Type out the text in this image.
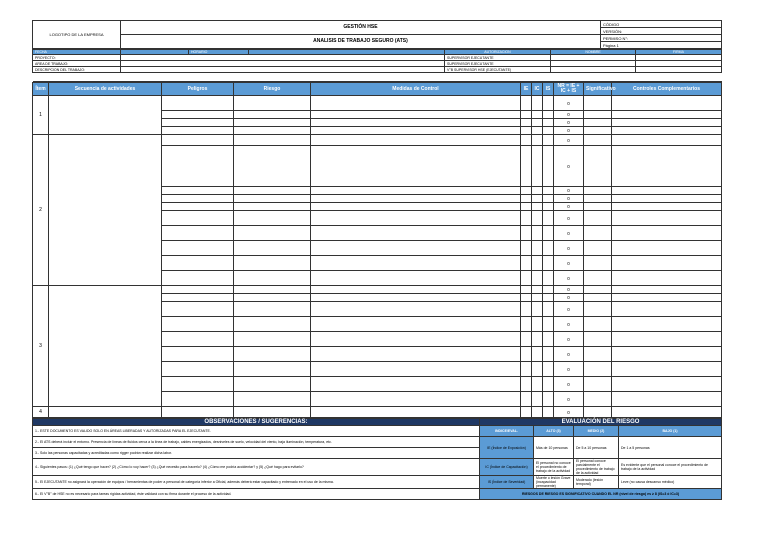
LOGOTIPO DE LA EMPRESA	GESTIÓN HSE	CÓDIGO
		VERSIÓN:
	ANALISIS DE TRABAJO SEGURO (ATS)	PERMISO N°:
		Página 1
FECHA		HORARIO		AUTORIZACION	NOMBRE	FIRMA
PROYECTO:				SUPERVISOR EJECUTANTE		
AREA DE TRABAJO:				SUPERVISOR EJECUTANTE		
DESCRIPCION DEL TRABAJO:				V°B SUPERVISOR HSE (EJECUTANTE)		

Ítem	Secuencia de actividades	Peligros	Riesgo	Medidas de Control	IE	IC	IS	NR = IE + IC + IS	Significativo	Controles Complementarios
1								0		
								0		
								0		
								0		
2								0		
								0		
								0		
								0		
								0		
								0		
								0		
								0		
								0		
								0		
3								0		
								0		
								0		
								0		
								0		
								0		
								0		
								0		
								0		
4								0		
OBSERVACIONES / SUGERENCIAS:	EVALUACIÓN DEL RIESGO			
1.- ESTE DOCUMENTO ES VALIDO SOLO EN ÁREAS LIBERADAS Y AUTORIZADAS PARA EL EJECUTANTE.	INDICE/EVAL.	ALTO (3)	MEDIO (2)	BAJO (1)
2.- El ATS deberá incluir el entorno. Presencia de líneas de fluidos cerca a la línea de trabajo, cables energizados, desniveles de suelo, velocidad del viento, baja iluminación, temperatura, etc.	IE (Índice de Exposición)	Más de 10 personas	De 5 a 10 personas	De 1 a 5 personas
3.- Solo las personas capacitadas y acreditadas como rigger podrán realizar dicha labor.				
4.- Siguientes pasos: (1) ¿Qué tengo que hacer? (2) ¿Cómo lo voy hacer? (3) ¿Qué necesito para hacerlo? (4) ¿Cómo me podría accidentar? y (5) ¿Qué hago para evitarlo?	IC (Índice de Capacitación)	El personal no conoce el procedimiento de trabajo de la actividad	El personal conoce parcialmente el procedimiento de trabajo de la actividad	Es evidente que el personal conoce el procedimiento de trabajo de la actividad
5.- El EJECUTANTE no asignará la operación de equipos / herramientas de poder a personal de categoría inferior a Oficial, además deberá estar capacitado y entrenado en el uso de la misma.	IS (Índice de Severidad)	Muerte o lesión Grave (incapacidad permanente)	Moderado (lesión temporal)	Leve (no causa descanso médico)
6.- El V°B° de HSE no es necesario para tareas rígidas actividad, éste validará con su firma durante el proceso de la actividad.	RIESGOS DE RIESGO ES SIGNIFICATIVO CUANDO EL NR (nivel de riesgo) es ≥ 8 (IS=3 ó IC=3)			
